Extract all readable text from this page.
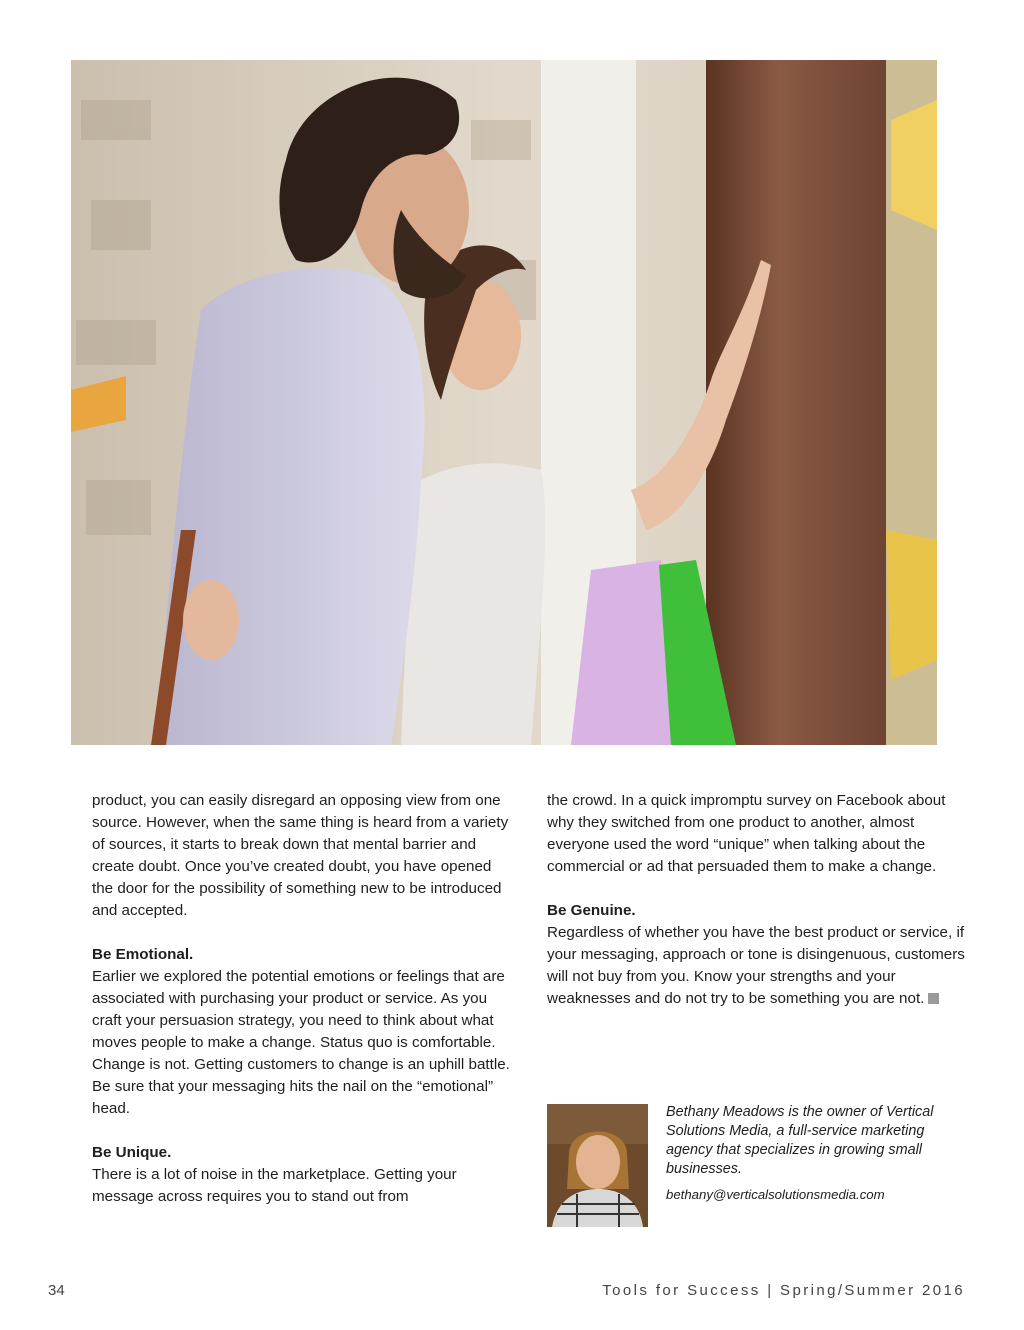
product, you can easily disregard an opposing view from one source. However, when the same thing is heard from a variety of sources, it starts to break down that mental barrier and create doubt. Once you’ve created doubt, you have opened the door for the possibility of something new to be introduced and accepted.

Be Emotional.

Earlier we explored the potential emotions or feelings that are associated with purchasing your product or service. As you craft your persuasion strategy, you need to think about what moves people to make a change. Status quo is comfortable. Change is not. Getting customers to change is an uphill battle.

Be sure that your messaging hits the nail on the “emotional” head.

Be Unique.

There is a lot of noise in the marketplace. Getting your message across requires you to stand out from

the crowd. In a quick impromptu survey on Facebook about why they switched from one product to another, almost everyone used the word “unique” when talking about the commercial or ad that persuaded them to make a change.

Be Genuine.

Regardless of whether you have the best product or service, if your messaging, approach or tone is disingenuous, customers will not buy from you. Know your strengths and your weaknesses and do not try to be something you are not.

Bethany Meadows is the owner of Vertical Solutions Media, a full-service marketing agency that specializes in growing small businesses.
bethany@verticalsolutionsmedia.com
34	Tools for Success | Spring/Summer 2016
